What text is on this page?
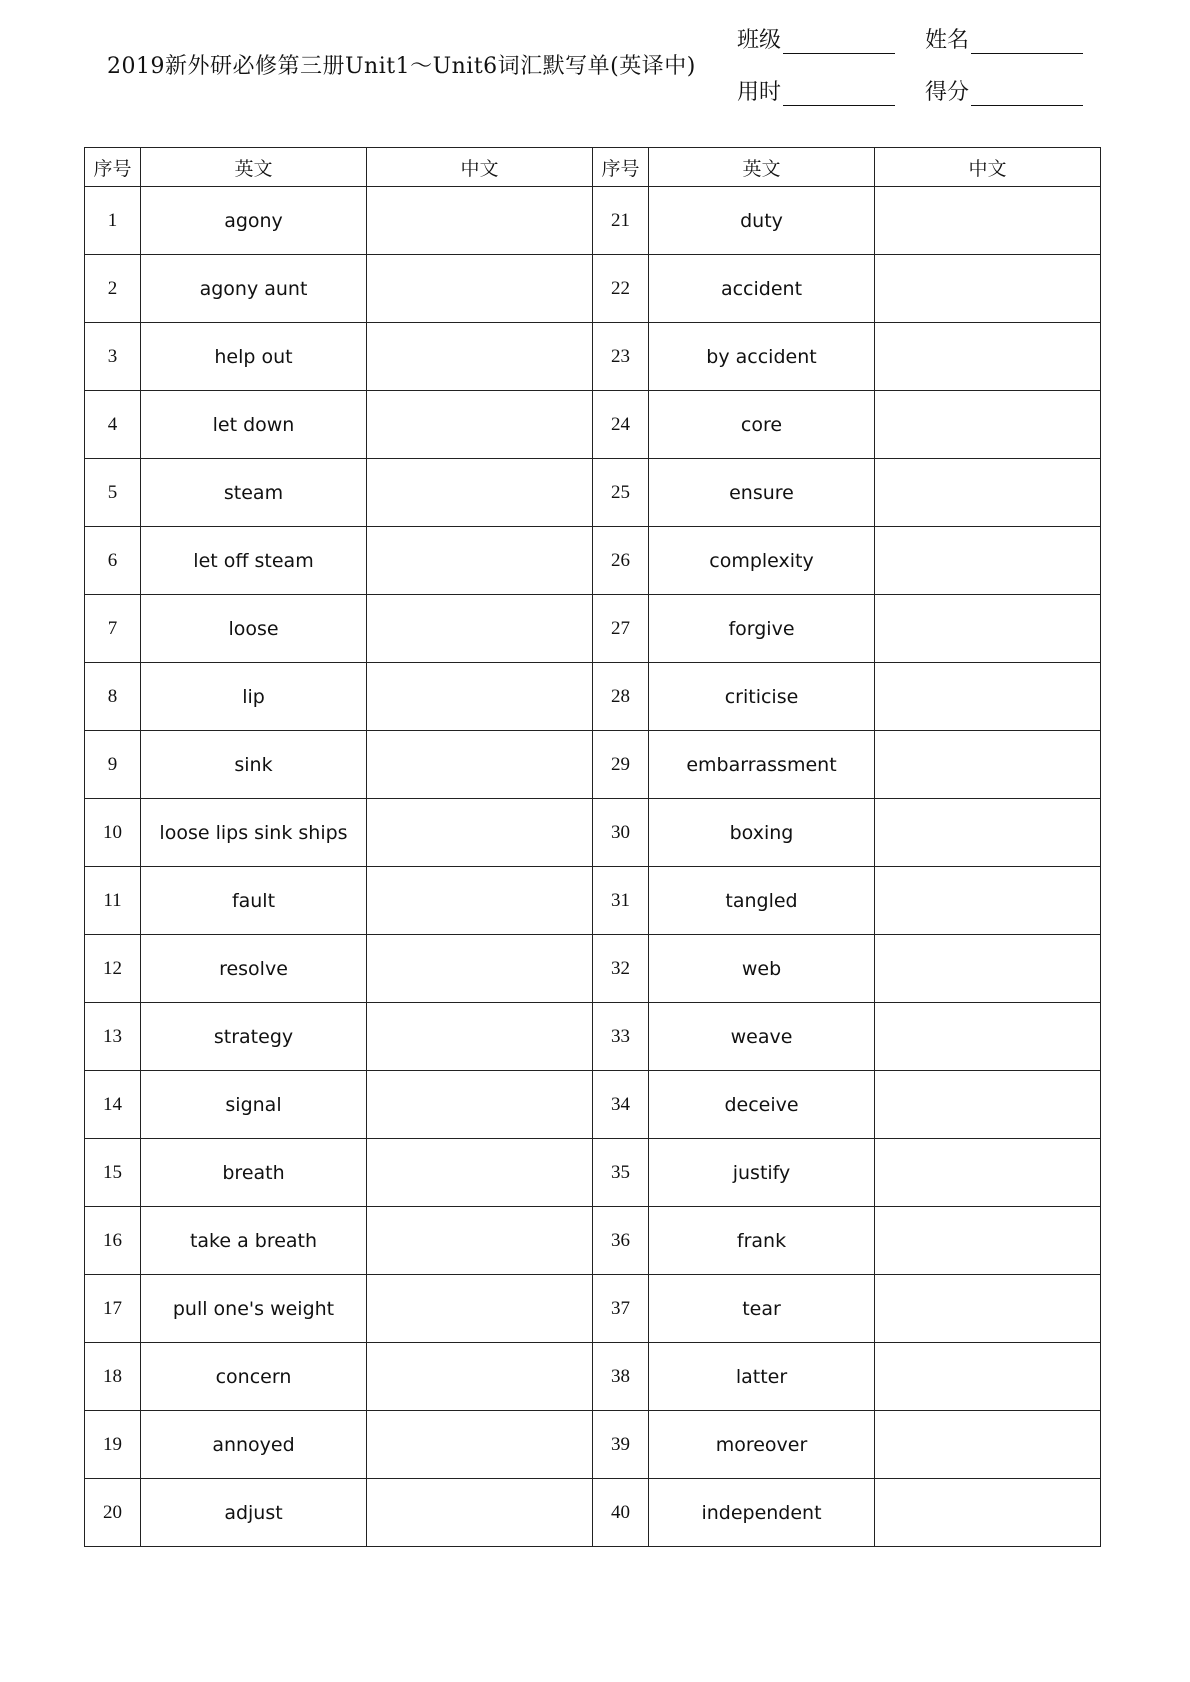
2019新外研必修第三册Unit1～Unit6词汇默写单(英译中)
班级	姓名
用时	得分
序号	英文	中文	序号	英文	中文
1	agony		21	duty	
2	agony aunt		22	accident	
3	help out		23	by accident	
4	let down		24	core	
5	steam		25	ensure	
6	let off steam		26	complexity	
7	loose		27	forgive	
8	lip		28	criticise	
9	sink		29	embarrassment	
10	loose lips sink ships		30	boxing	
11	fault		31	tangled	
12	resolve		32	web	
13	strategy		33	weave	
14	signal		34	deceive	
15	breath		35	justify	
16	take a breath		36	frank	
17	pull one's weight		37	tear	
18	concern		38	latter	
19	annoyed		39	moreover	
20	adjust		40	independent	
